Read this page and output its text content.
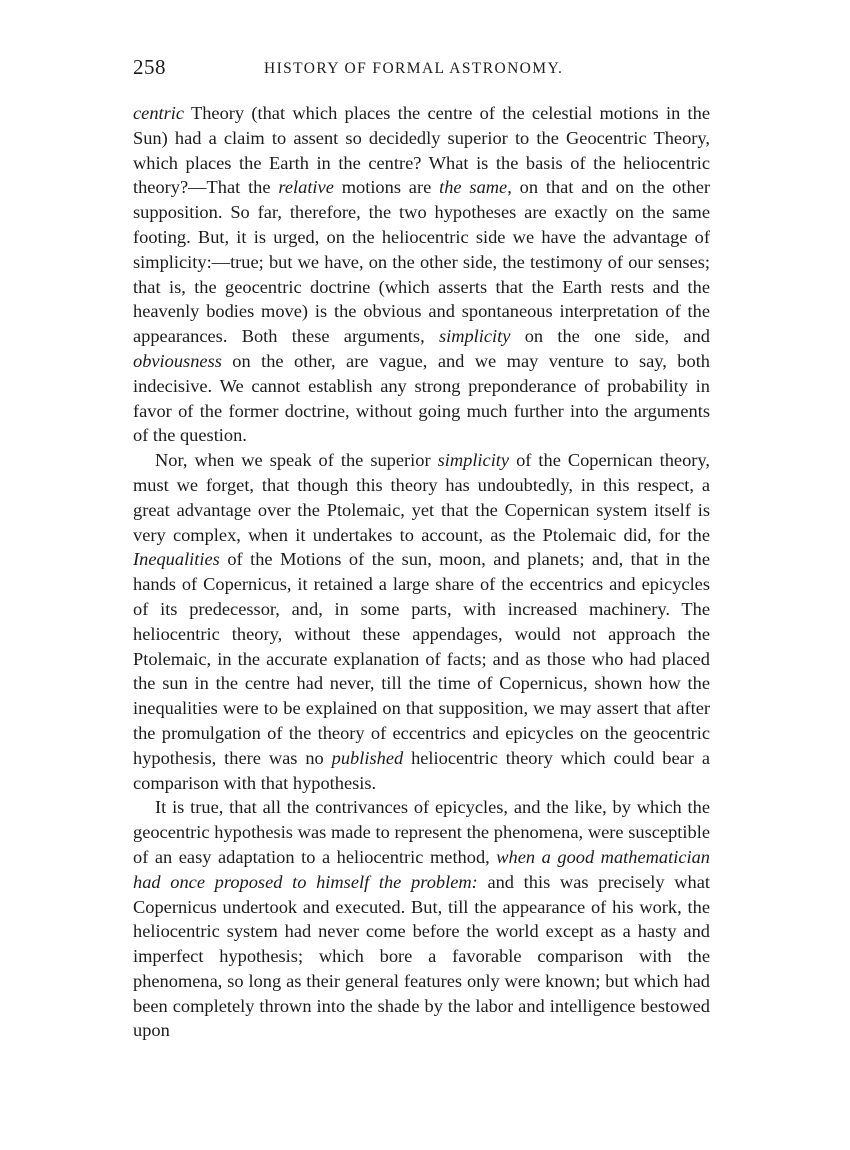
258	HISTORY OF FORMAL ASTRONOMY.

centric Theory (that which places the centre of the celestial motions in the Sun) had a claim to assent so decidedly superior to the Geocentric Theory, which places the Earth in the centre? What is the basis of the heliocentric theory?—That the relative motions are the same, on that and on the other supposition. So far, therefore, the two hypotheses are exactly on the same footing. But, it is urged, on the heliocentric side we have the advantage of simplicity:—true; but we have, on the other side, the testimony of our senses; that is, the geocentric doctrine (which asserts that the Earth rests and the heavenly bodies move) is the obvious and spontaneous interpretation of the appearances. Both these arguments, simplicity on the one side, and obviousness on the other, are vague, and we may venture to say, both indecisive. We cannot establish any strong preponderance of probability in favor of the former doctrine, without going much further into the arguments of the question.

Nor, when we speak of the superior simplicity of the Copernican theory, must we forget, that though this theory has undoubtedly, in this respect, a great advantage over the Ptolemaic, yet that the Copernican system itself is very complex, when it undertakes to account, as the Ptolemaic did, for the Inequalities of the Motions of the sun, moon, and planets; and, that in the hands of Copernicus, it retained a large share of the eccentrics and epicycles of its predecessor, and, in some parts, with increased machinery. The heliocentric theory, without these appendages, would not approach the Ptolemaic, in the accurate explanation of facts; and as those who had placed the sun in the centre had never, till the time of Copernicus, shown how the inequalities were to be explained on that supposition, we may assert that after the promulgation of the theory of eccentrics and epicycles on the geocentric hypothesis, there was no published heliocentric theory which could bear a comparison with that hypothesis.

It is true, that all the contrivances of epicycles, and the like, by which the geocentric hypothesis was made to represent the phenomena, were susceptible of an easy adaptation to a heliocentric method, when a good mathematician had once proposed to himself the problem: and this was precisely what Copernicus undertook and executed. But, till the appearance of his work, the heliocentric system had never come before the world except as a hasty and imperfect hypothesis; which bore a favorable comparison with the phenomena, so long as their general features only were known; but which had been completely thrown into the shade by the labor and intelligence bestowed upon
